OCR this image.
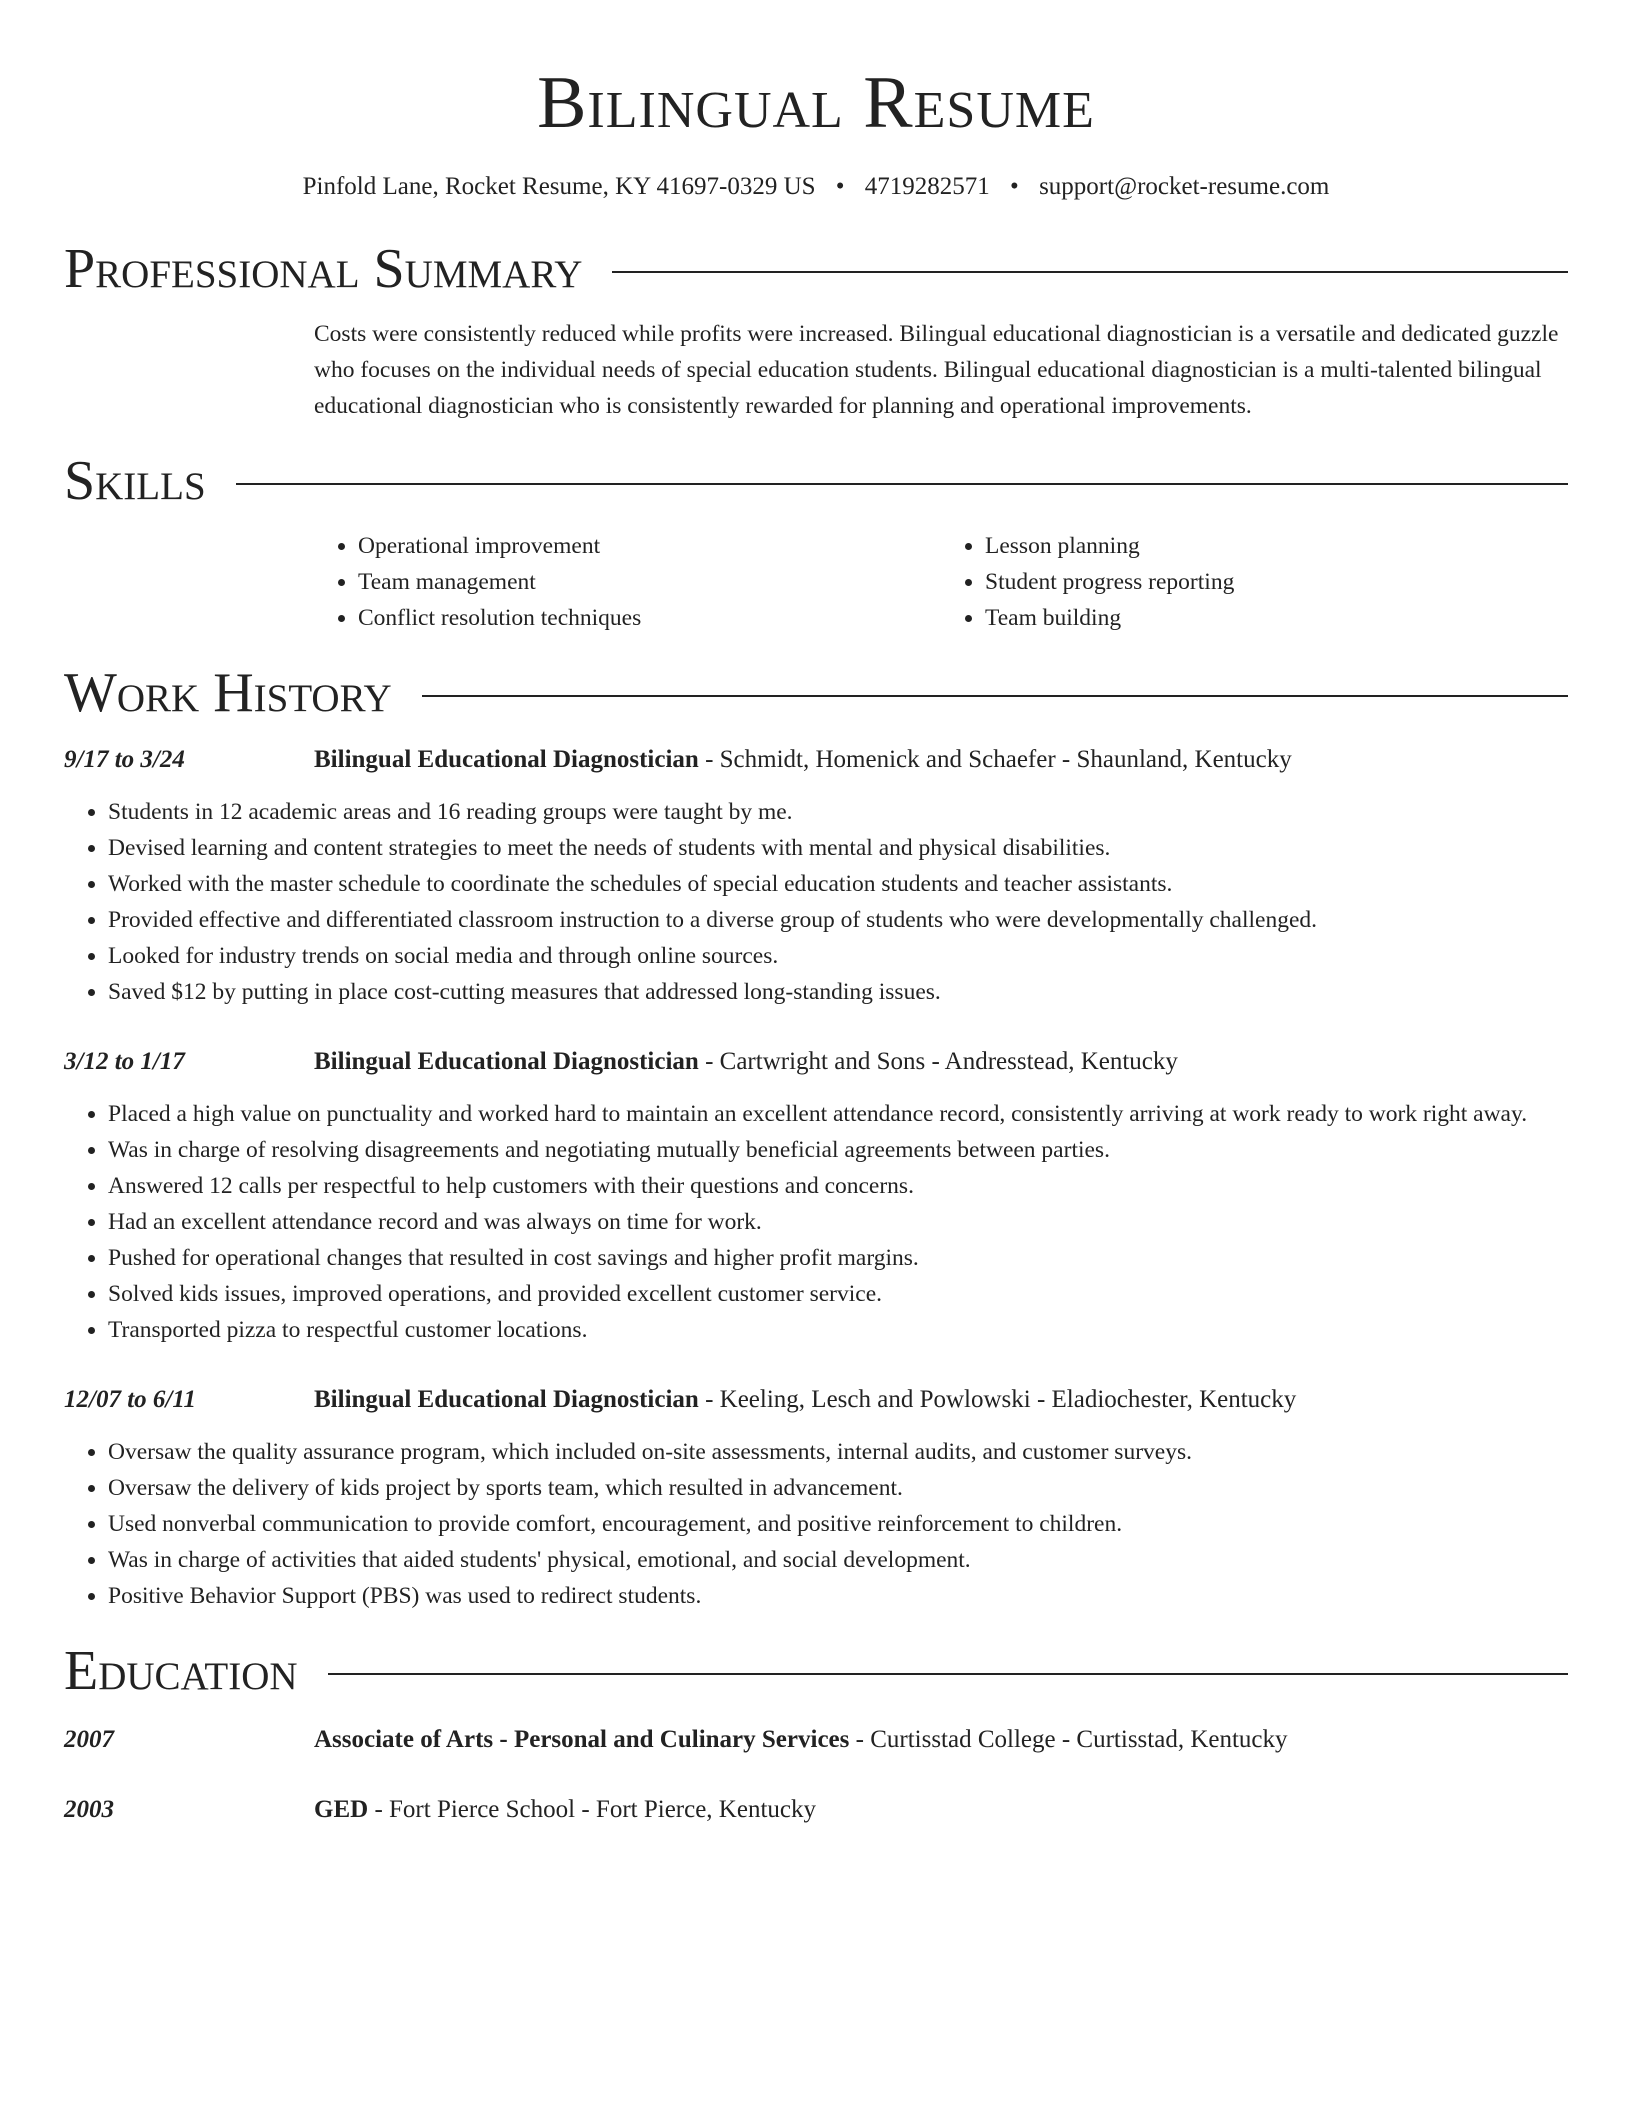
Bilingual Resume
Pinfold Lane, Rocket Resume, KY 41697-0329 US • 4719282571 • support@rocket-resume.com
Professional Summary
Costs were consistently reduced while profits were increased. Bilingual educational diagnostician is a versatile and dedicated guzzle who focuses on the individual needs of special education students. Bilingual educational diagnostician is a multi-talented bilingual educational diagnostician who is consistently rewarded for planning and operational improvements.
Skills
• Operational improvement
• Team management
• Conflict resolution techniques
• Lesson planning
• Student progress reporting
• Team building
Work History
9/17 to 3/24	Bilingual Educational Diagnostician - Schmidt, Homenick and Schaefer - Shaunland, Kentucky
• Students in 12 academic areas and 16 reading groups were taught by me.
• Devised learning and content strategies to meet the needs of students with mental and physical disabilities.
• Worked with the master schedule to coordinate the schedules of special education students and teacher assistants.
• Provided effective and differentiated classroom instruction to a diverse group of students who were developmentally challenged.
• Looked for industry trends on social media and through online sources.
• Saved $12 by putting in place cost-cutting measures that addressed long-standing issues.
3/12 to 1/17	Bilingual Educational Diagnostician - Cartwright and Sons - Andresstead, Kentucky
• Placed a high value on punctuality and worked hard to maintain an excellent attendance record, consistently arriving at work ready to work right away.
• Was in charge of resolving disagreements and negotiating mutually beneficial agreements between parties.
• Answered 12 calls per respectful to help customers with their questions and concerns.
• Had an excellent attendance record and was always on time for work.
• Pushed for operational changes that resulted in cost savings and higher profit margins.
• Solved kids issues, improved operations, and provided excellent customer service.
• Transported pizza to respectful customer locations.
12/07 to 6/11	Bilingual Educational Diagnostician - Keeling, Lesch and Powlowski - Eladiochester, Kentucky
• Oversaw the quality assurance program, which included on-site assessments, internal audits, and customer surveys.
• Oversaw the delivery of kids project by sports team, which resulted in advancement.
• Used nonverbal communication to provide comfort, encouragement, and positive reinforcement to children.
• Was in charge of activities that aided students' physical, emotional, and social development.
• Positive Behavior Support (PBS) was used to redirect students.
Education
2007	Associate of Arts - Personal and Culinary Services - Curtisstad College - Curtisstad, Kentucky
2003	GED - Fort Pierce School - Fort Pierce, Kentucky
